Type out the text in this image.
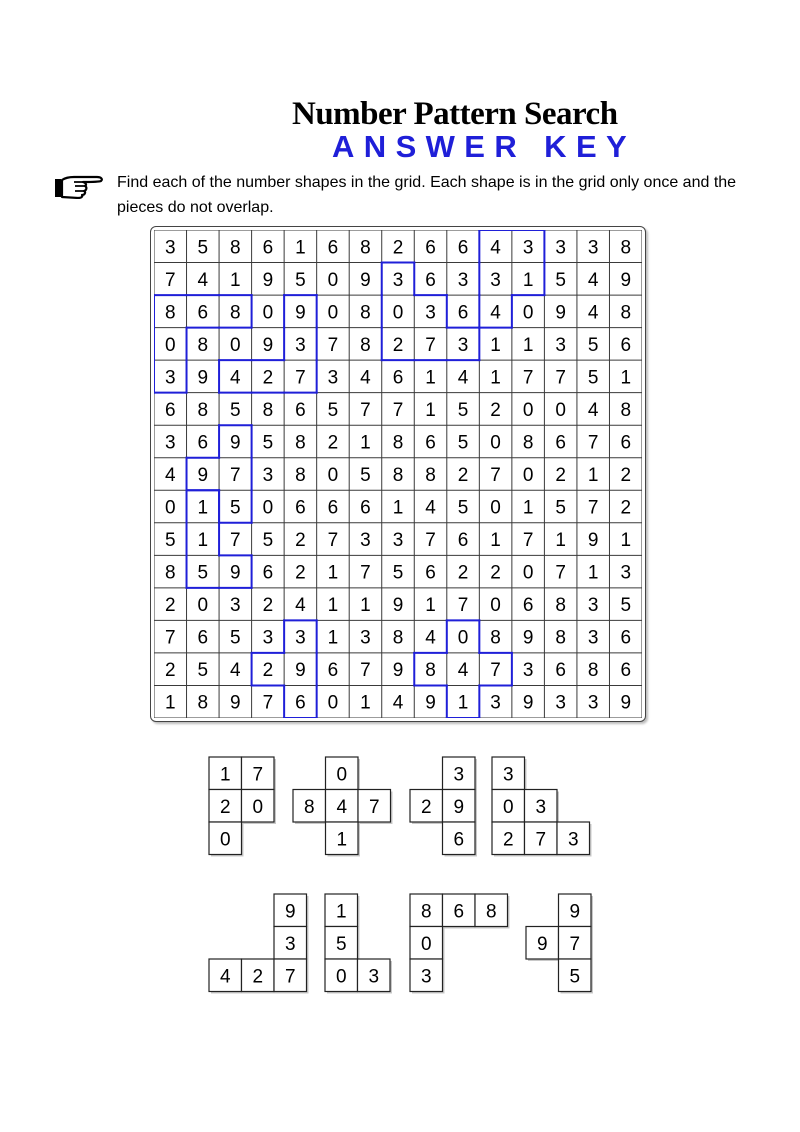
Number Pattern Search
ANSWER KEY

Find each of the number shapes in the grid. Each shape is in the grid only once and the pieces do not overlap.

3 5 8 6 1 6 8 2 6 6 4 3 3 3 8
7 4 1 9 5 0 9 3 6 3 3 1 5 4 9
8 6 8 0 9 0 8 0 3 6 4 0 9 4 8
0 8 0 9 3 7 8 2 7 3 1 1 3 5 6
3 9 4 2 7 3 4 6 1 4 1 7 7 5 1
6 8 5 8 6 5 7 7 1 5 2 0 0 4 8
3 6 9 5 8 2 1 8 6 5 0 8 6 7 6
4 9 7 3 8 0 5 8 8 2 7 0 2 1 2
0 1 5 0 6 6 6 1 4 5 0 1 5 7 2
5 1 7 5 2 7 3 3 7 6 1 7 1 9 1
8 5 9 6 2 1 7 5 6 2 2 0 7 1 3
2 0 3 2 4 1 1 9 1 7 0 6 8 3 5
7 6 5 3 3 1 3 8 4 0 8 9 8 3 6
2 5 4 2 9 6 7 9 8 4 7 3 6 8 6
1 8 9 7 6 0 1 4 9 1 3 9 3 3 9
1 7
2 0
0
0
8 4 7
1
3
2 9
6
3
0 3
2 7 3
9
3
4 2 7
1
5
0 3
8 6 8
0
3
9
9 7
5
